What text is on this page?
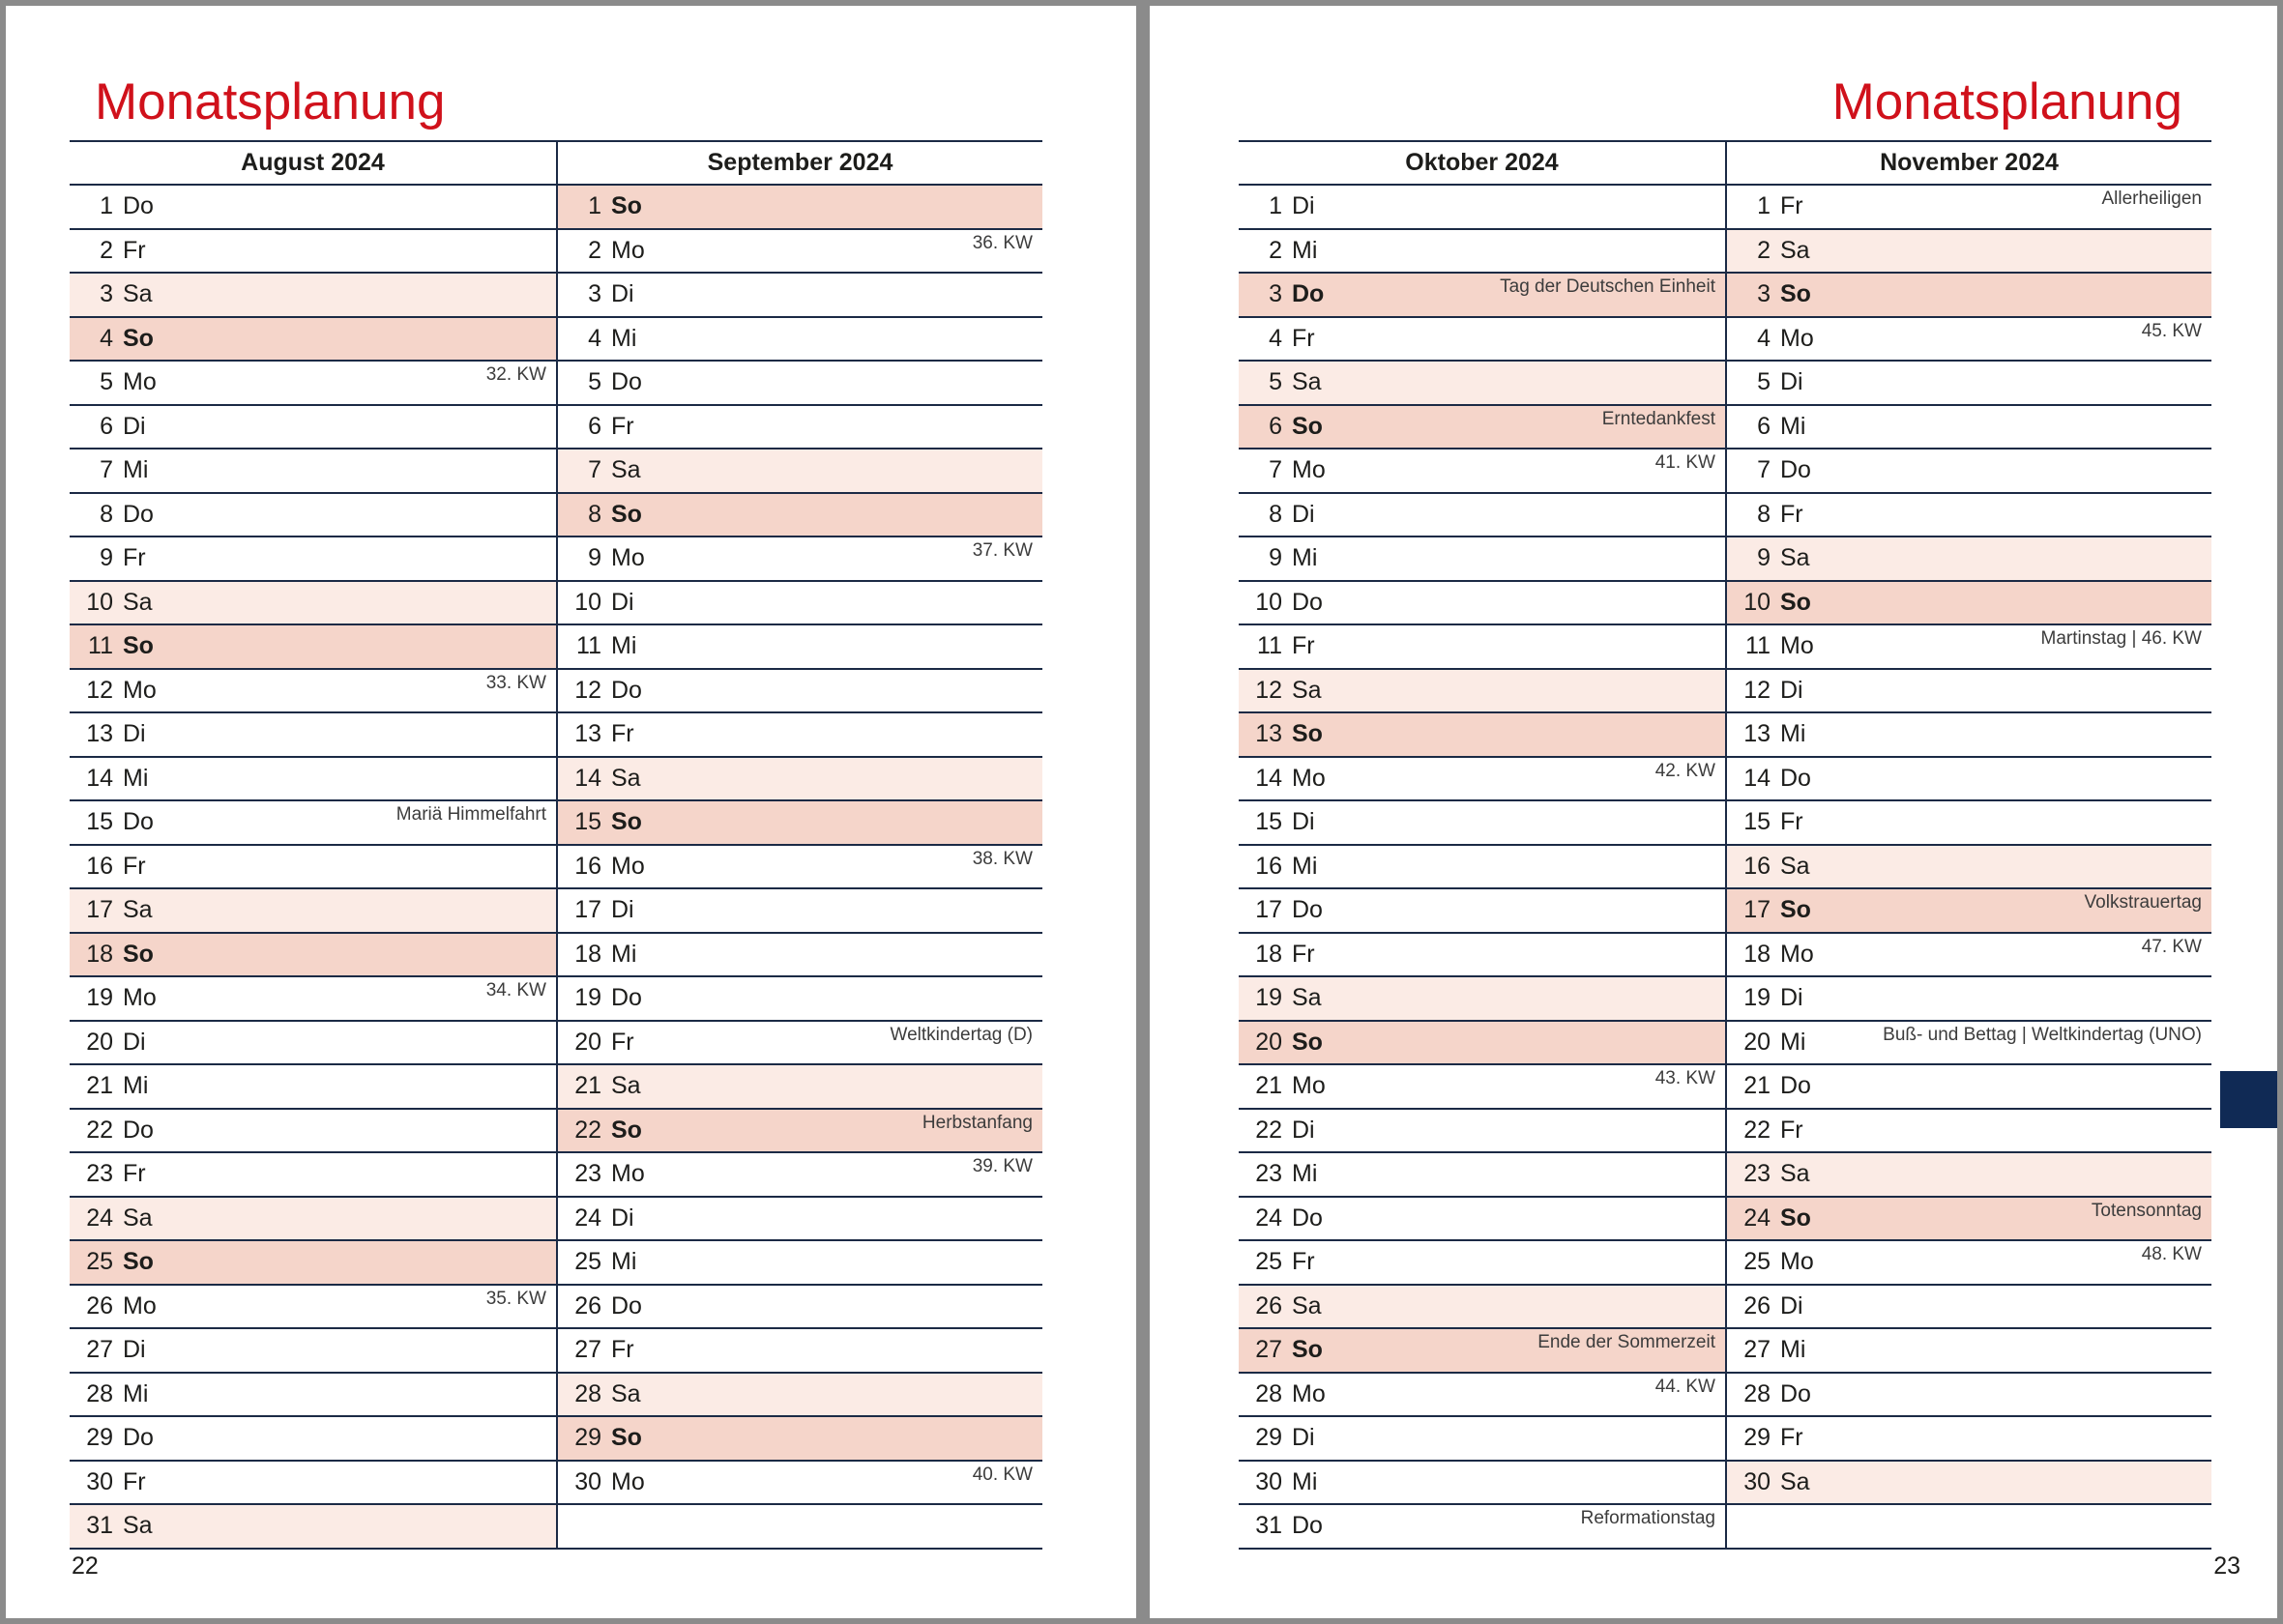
Monatsplanung
August 2024
1 Do
2 Fr
3 Sa
4 So
5 Mo	32. KW
6 Di
7 Mi
8 Do
9 Fr
10 Sa
11 So
12 Mo	33. KW
13 Di
14 Mi
15 Do	Mariä Himmelfahrt
16 Fr
17 Sa
18 So
19 Mo	34. KW
20 Di
21 Mi
22 Do
23 Fr
24 Sa
25 So
26 Mo	35. KW
27 Di
28 Mi
29 Do
30 Fr
31 Sa
September 2024
1 So
2 Mo	36. KW
3 Di
4 Mi
5 Do
6 Fr
7 Sa
8 So
9 Mo	37. KW
10 Di
11 Mi
12 Do
13 Fr
14 Sa
15 So
16 Mo	38. KW
17 Di
18 Mi
19 Do
20 Fr	Weltkindertag (D)
21 Sa
22 So	Herbstanfang
23 Mo	39. KW
24 Di
25 Mi
26 Do
27 Fr
28 Sa
29 So
30 Mo	40. KW
22
Monatsplanung
Oktober 2024
1 Di
2 Mi
3 Do	Tag der Deutschen Einheit
4 Fr
5 Sa
6 So	Erntedankfest
7 Mo	41. KW
8 Di
9 Mi
10 Do
11 Fr
12 Sa
13 So
14 Mo	42. KW
15 Di
16 Mi
17 Do
18 Fr
19 Sa
20 So
21 Mo	43. KW
22 Di
23 Mi
24 Do
25 Fr
26 Sa
27 So	Ende der Sommerzeit
28 Mo	44. KW
29 Di
30 Mi
31 Do	Reformationstag
November 2024
1 Fr	Allerheiligen
2 Sa
3 So
4 Mo	45. KW
5 Di
6 Mi
7 Do
8 Fr
9 Sa
10 So
11 Mo	Martinstag | 46. KW
12 Di
13 Mi
14 Do
15 Fr
16 Sa
17 So	Volkstrauertag
18 Mo	47. KW
19 Di
20 Mi	Buß- und Bettag | Weltkindertag (UNO)
21 Do
22 Fr
23 Sa
24 So	Totensonntag
25 Mo	48. KW
26 Di
27 Mi
28 Do
29 Fr
30 Sa
23
